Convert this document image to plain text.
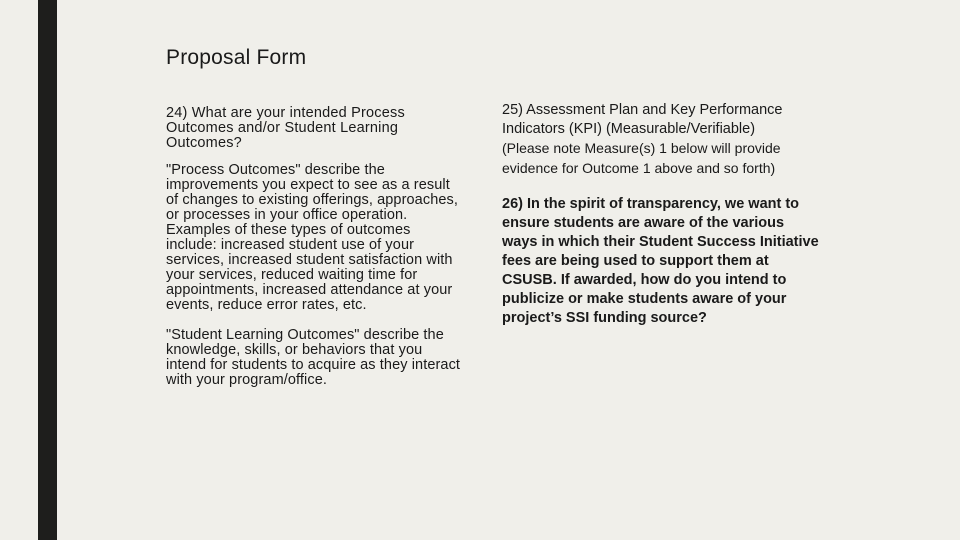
Proposal Form

24) What are your intended Process Outcomes and/or Student Learning Outcomes?

"Process Outcomes" describe the improvements you expect to see as a result of changes to existing offerings, approaches, or processes in your office operation. Examples of these types of outcomes include: increased student use of your services, increased student satisfaction with your services, reduced waiting time for appointments, increased attendance at your events, reduce error rates, etc.

"Student Learning Outcomes" describe the knowledge, skills, or behaviors that you intend for students to acquire as they interact with your program/office.

25) Assessment Plan and Key Performance Indicators (KPI) (Measurable/Verifiable)

(Please note Measure(s) 1 below will provide evidence for Outcome 1 above and so forth)

26) In the spirit of transparency, we want to ensure students are aware of the various ways in which their Student Success Initiative fees are being used to support them at CSUSB. If awarded, how do you intend to publicize or make students aware of your project’s SSI funding source?
